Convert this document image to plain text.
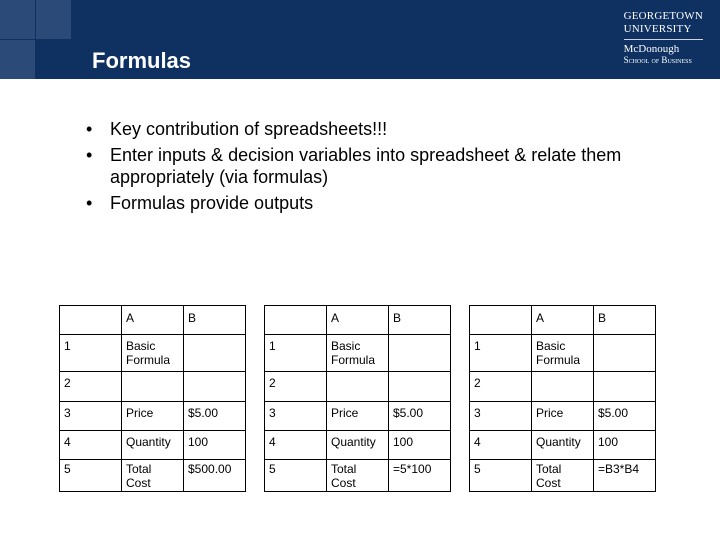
Formulas
GEORGETOWN
UNIVERSITY
McDonough
School of Business
• Key contribution of spreadsheets!!!
• Enter inputs & decision variables into spreadsheet & relate them appropriately (via formulas)
• Formulas provide outputs
	A	B
1	Basic Formula	
2		
3	Price	$5.00
4	Quantity	100
5	Total Cost	$500.00
	A	B
1	Basic Formula	
2		
3	Price	$5.00
4	Quantity	100
5	Total Cost	=5*100
	A	B
1	Basic Formula	
2		
3	Price	$5.00
4	Quantity	100
5	Total Cost	=B3*B4
